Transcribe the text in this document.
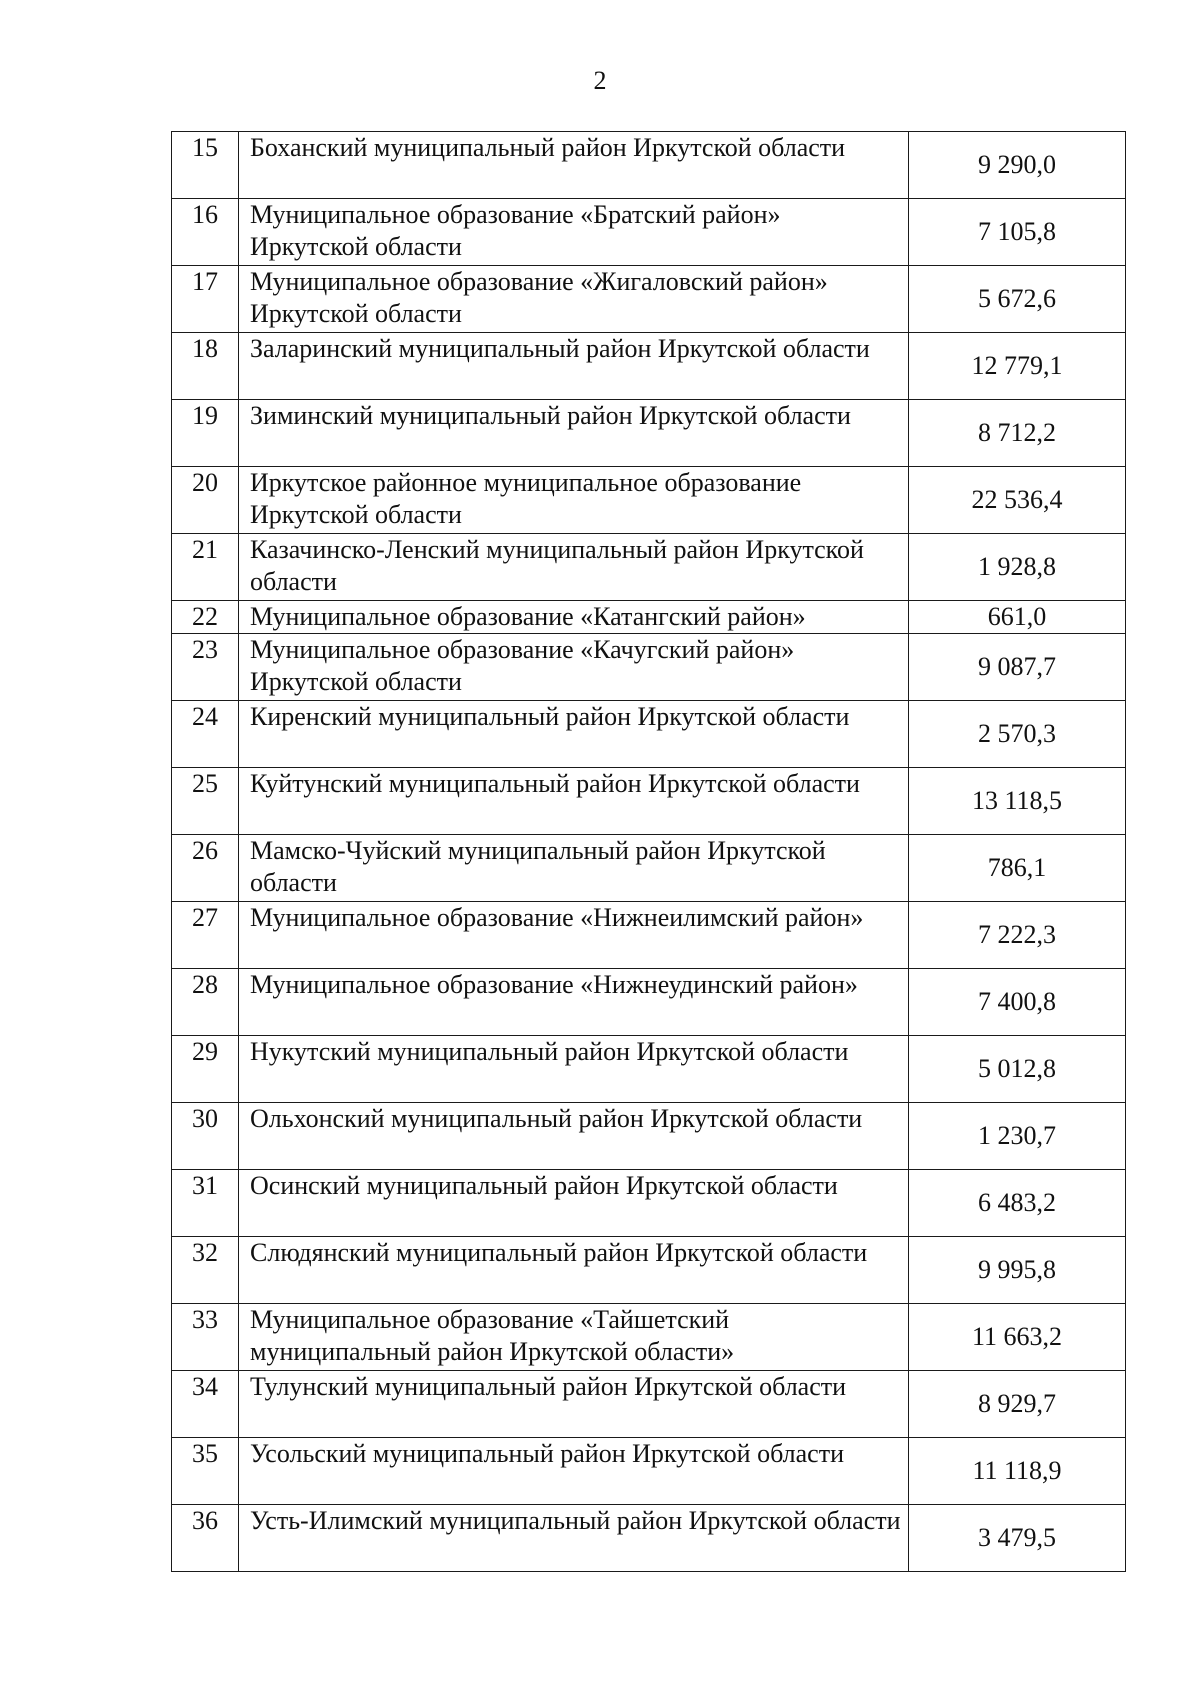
2
15	Боханский муниципальный район Иркутской области	9 290,0
16	Муниципальное образование «Братский район» Иркутской области	7 105,8
17	Муниципальное образование «Жигаловский район» Иркутской области	5 672,6
18	Заларинский муниципальный район Иркутской области	12 779,1
19	Зиминский муниципальный район Иркутской области	8 712,2
20	Иркутское районное муниципальное образование Иркутской области	22 536,4
21	Казачинско-Ленский муниципальный район Иркутской области	1 928,8
22	Муниципальное образование «Катангский район»	661,0
23	Муниципальное образование «Качугский район» Иркутской области	9 087,7
24	Киренский муниципальный район Иркутской области	2 570,3
25	Куйтунский муниципальный район Иркутской области	13 118,5
26	Мамско-Чуйский муниципальный район Иркутской области	786,1
27	Муниципальное образование «Нижнеилимский район»	7 222,3
28	Муниципальное образование «Нижнеудинский район»	7 400,8
29	Нукутский муниципальный район Иркутской области	5 012,8
30	Ольхонский муниципальный район Иркутской области	1 230,7
31	Осинский муниципальный район Иркутской области	6 483,2
32	Слюдянский муниципальный район Иркутской области	9 995,8
33	Муниципальное образование «Тайшетский муниципальный район Иркутской области»	11 663,2
34	Тулунский муниципальный район Иркутской области	8 929,7
35	Усольский муниципальный район Иркутской области	11 118,9
36	Усть-Илимский муниципальный район Иркутской области	3 479,5
